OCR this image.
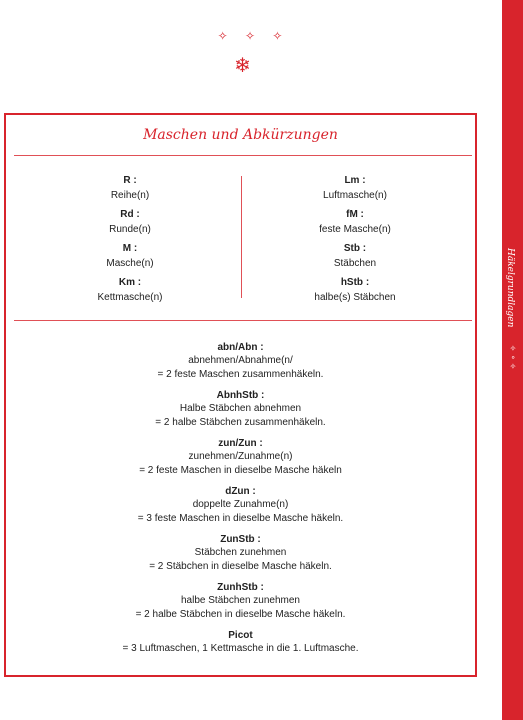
✧ ✧ ✧
❄
Häkelgrundlagen
✧
∘
✧
Maschen und Abkürzungen
R :
Reihe(n)
Rd :
Runde(n)
M :
Masche(n)
Km :
Kettmasche(n)
Lm :
Luftmasche(n)
fM :
feste Masche(n)
Stb :
Stäbchen
hStb :
halbe(s) Stäbchen
abn/Abn :
abnehmen/Abnahme(n/
= 2 feste Maschen zusammenhäkeln.
AbnhStb :
Halbe Stäbchen abnehmen
= 2 halbe Stäbchen zusammenhäkeln.
zun/Zun :
zunehmen/Zunahme(n)
= 2 feste Maschen in dieselbe Masche häkeln
dZun :
doppelte Zunahme(n)
= 3 feste Maschen in dieselbe Masche häkeln.
ZunStb :
Stäbchen zunehmen
= 2 Stäbchen in dieselbe Masche häkeln.
ZunhStb :
halbe Stäbchen zunehmen
= 2 halbe Stäbchen in dieselbe Masche häkeln.
Picot
= 3 Luftmaschen, 1 Kettmasche in die 1. Luftmasche.
